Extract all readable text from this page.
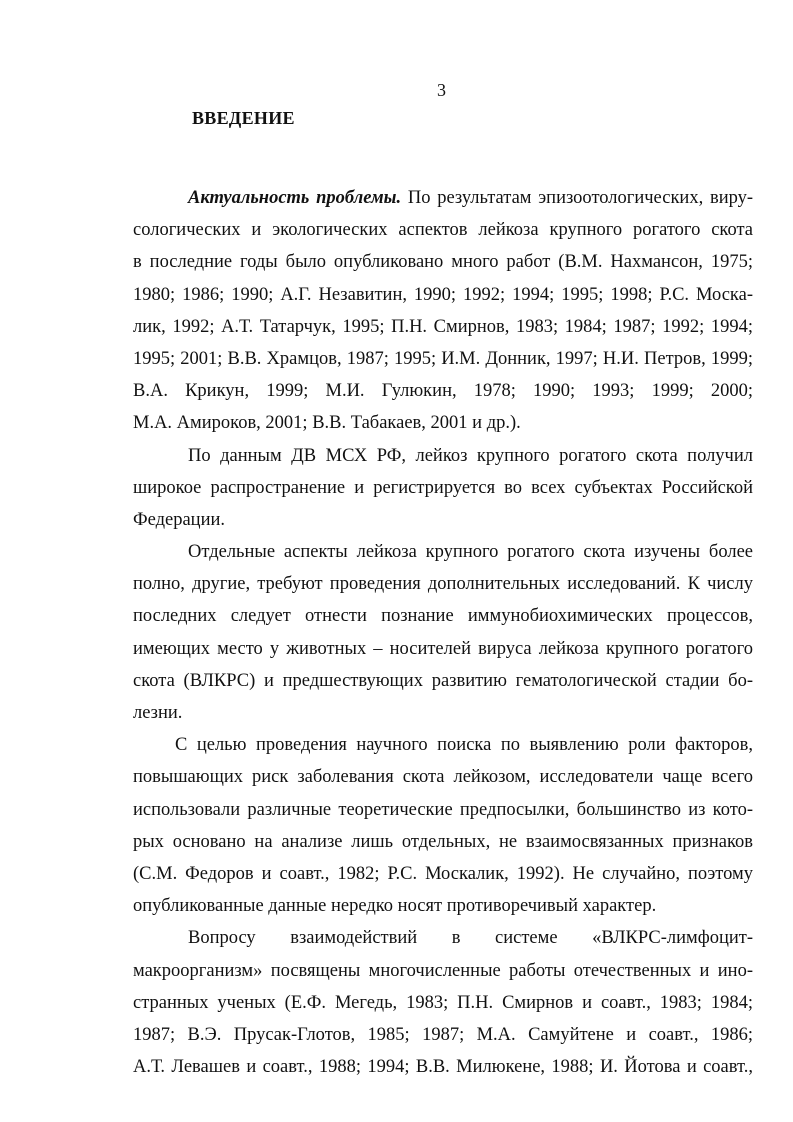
3
ВВЕДЕНИЕ
Актуальность проблемы. По результатам эпизоотологических, виру-
сологических и экологических аспектов лейкоза крупного рогатого скота
в последние годы было опубликовано много работ (В.М. Нахмансон, 1975;
1980; 1986; 1990; А.Г. Незавитин, 1990; 1992; 1994; 1995; 1998; Р.С. Моска-
лик, 1992; А.Т. Татарчук, 1995; П.Н. Смирнов, 1983; 1984; 1987; 1992; 1994;
1995; 2001; В.В. Храмцов, 1987; 1995; И.М. Донник, 1997; Н.И. Петров, 1999;
В.А. Крикун, 1999; М.И. Гулюкин, 1978; 1990; 1993; 1999; 2000;
М.А. Амироков, 2001; В.В. Табакаев, 2001 и др.).
По данным ДВ МСХ РФ, лейкоз крупного рогатого скота получил
широкое распространение и регистрируется во всех субъектах Российской
Федерации.
Отдельные аспекты лейкоза крупного рогатого скота изучены более
полно, другие, требуют проведения дополнительных исследований. К числу
последних следует отнести познание иммунобиохимических процессов,
имеющих место у животных – носителей вируса лейкоза крупного рогатого
скота (ВЛКРС) и предшествующих развитию гематологической стадии бо-
лезни.
С целью проведения научного поиска по выявлению роли факторов,
повышающих риск заболевания скота лейкозом, исследователи чаще всего
использовали различные теоретические предпосылки, большинство из кото-
рых основано на анализе лишь отдельных, не взаимосвязанных признаков
(С.М. Федоров и соавт., 1982; Р.С. Москалик, 1992). Не случайно, поэтому
опубликованные данные нередко носят противоречивый характер.
Вопросу взаимодействий в системе «ВЛКРС-лимфоцит-
макроорганизм» посвящены многочисленные работы отечественных и ино-
странных ученых (Е.Ф. Мегедь, 1983; П.Н. Смирнов и соавт., 1983; 1984;
1987; В.Э. Прусак-Глотов, 1985; 1987; М.А. Самуйтене и соавт., 1986;
А.Т. Левашев и соавт., 1988; 1994; В.В. Милюкене, 1988; И. Йотова и соавт.,
